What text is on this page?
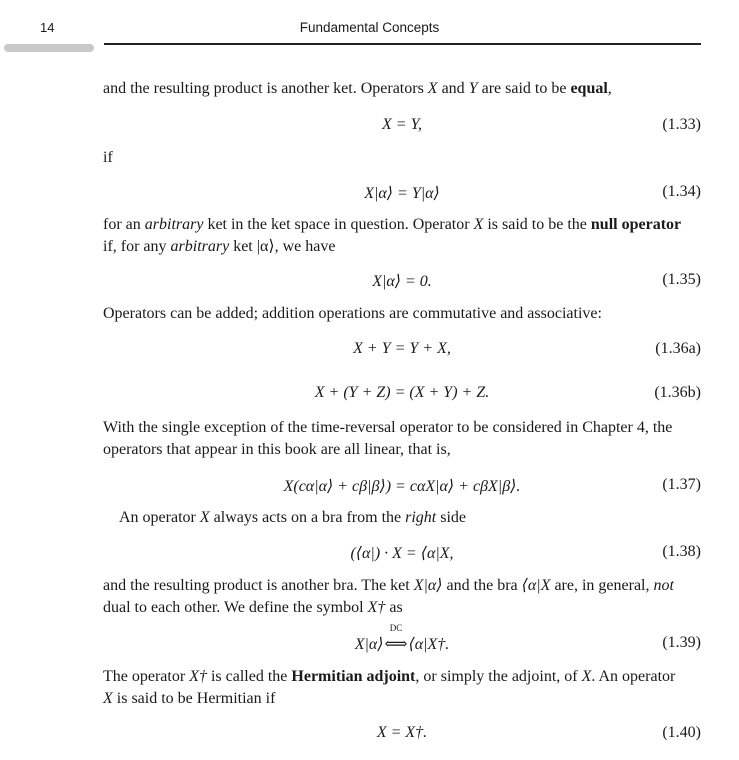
14	Fundamental Concepts
and the resulting product is another ket. Operators X and Y are said to be equal,
X = Y,	(1.33)
if
X|α⟩ = Y|α⟩	(1.34)
for an arbitrary ket in the ket space in question. Operator X is said to be the null operator
if, for any arbitrary ket |α⟩, we have
X|α⟩ = 0.	(1.35)
Operators can be added; addition operations are commutative and associative:
X + Y = Y + X,	(1.36a)
X + (Y + Z) = (X + Y) + Z.	(1.36b)
With the single exception of the time-reversal operator to be considered in Chapter 4, the
operators that appear in this book are all linear, that is,
X(cα|α⟩ + cβ|β⟩) = cαX|α⟩ + cβX|β⟩.	(1.37)
An operator X always acts on a bra from the right side
(⟨α|) · X = ⟨α|X,	(1.38)
and the resulting product is another bra. The ket X|α⟩ and the bra ⟨α|X are, in general, not
dual to each other. We define the symbol X† as
X|α⟩
DC
⟺⟨α|X†.	(1.39)
The operator X† is called the Hermitian adjoint, or simply the adjoint, of X. An operator
X is said to be Hermitian if
X = X†.	(1.40)
